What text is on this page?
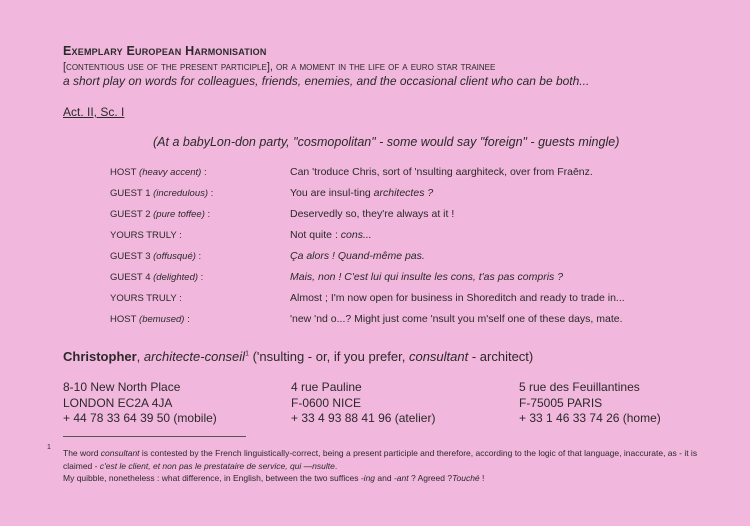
Exemplary European Harmonisation
[contentious use of the present participle], or a moment in the life of a euro star trainee
a short play on words for colleagues, friends, enemies, and the occasional client who can be both...
Act. II, Sc. I
(At a babyLon-don party, "cosmopolitan" - some would say "foreign" - guests mingle)
HOST (heavy accent) :	Can 'troduce Chris, sort of 'nsulting aarghiteck, over from Fraēnz.
GUEST 1 (incredulous) :	You are insul-ting architectes ?
GUEST 2 (pure toffee) :	Deservedly so, they're always at it !
YOURS TRULY :	Not quite : cons...
GUEST 3 (offusqué) :	Ça alors ! Quand-même pas.
GUEST 4 (delighted) :	Mais, non ! C'est lui qui insulte les cons, t'as pas compris ?
YOURS TRULY :	Almost ; I'm now open for business in Shoreditch and ready to trade in...
HOST (bemused) :	'new 'nd o...? Might just come 'nsult you m'self one of these days, mate.
Christopher, architecte-conseil$^1$ ('nsulting - or, if you prefer, consultant - architect)
8-10 New North Place
LONDON EC2A 4JA
+ 44 78 33 64 39 50 (mobile)
4 rue Pauline
F-0600 NICE
+ 33 4 93 88 41 96 (atelier)
5 rue des Feuillantines
F-75005 PARIS
+ 33 1 46 33 74 26 (home)
1
The word consultant is contested by the French linguistically-correct, being a present participle and therefore, according to the logic of that language, inaccurate, as - it is claimed - c'est le client, et non pas le prestataire de service, qui —nsulte.
My quibble, nonetheless : what difference, in English, between the two suffices -ing and -ant ? Agreed ?Touché !
